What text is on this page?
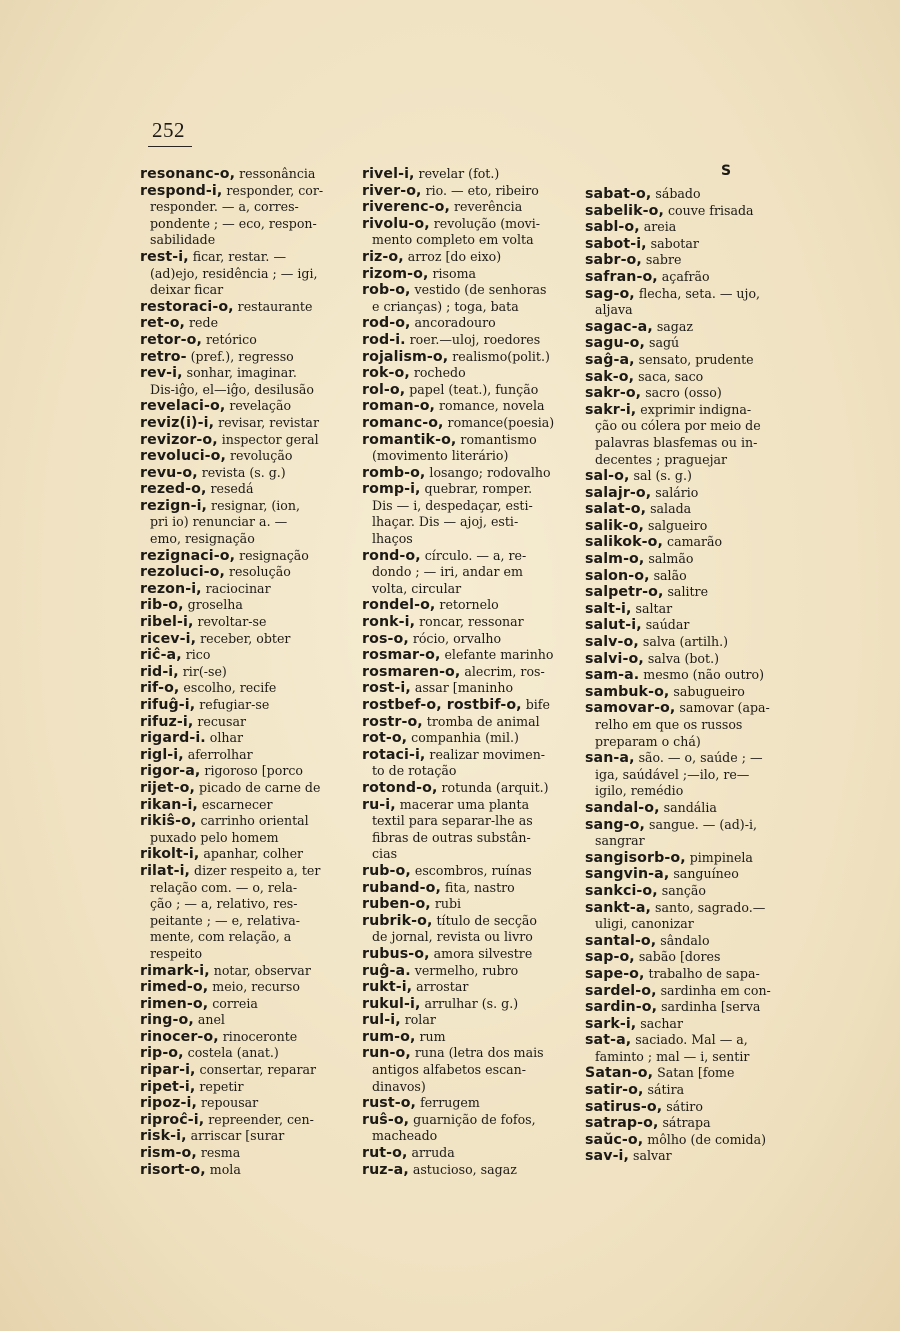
252
resonanc-o, ressonância
respond-i, responder, cor-
responder. — a, corres-
pondente ; — eco, respon-
sabilidade
rest-i, ficar, restar. —
(ad)ejo, residência ; — igi,
deixar ficar
restoraci-o, restaurante
ret-o, rede
retor-o, retórico
retro- (pref.), regresso
rev-i, sonhar, imaginar.
Dis-iĝo, el—iĝo, desilusão
revelaci-o, revelação
reviz(i)-i, revisar, revistar
revizor-o, inspector geral
revoluci-o, revolução
revu-o, revista (s. g.)
rezed-o, resedá
rezign-i, resignar, (ion,
pri io) renunciar a. —
emo, resignação
rezignaci-o, resignação
rezoluci-o, resolução
rezon-i, raciocinar
rib-o, groselha
ribel-i, revoltar-se
ricev-i, receber, obter
riĉ-a, rico
rid-i, rir(-se)
rif-o, escolho, recife
rifuĝ-i, refugiar-se
rifuz-i, recusar
rigard-i. olhar
rigl-i, aferrolhar
rigor-a, rigoroso [porco
rijet-o, picado de carne de
rikan-i, escarnecer
rikiŝ-o, carrinho oriental
puxado pelo homem
rikolt-i, apanhar, colher
rilat-i, dizer respeito a, ter
relação com. — o, rela-
ção ; — a, relativo, res-
peitante ; — e, relativa-
mente, com relação, a
respeito
rimark-i, notar, observar
rimed-o, meio, recurso
rimen-o, correia
ring-o, anel
rinocer-o, rinoceronte
rip-o, costela (anat.)
ripar-i, consertar, reparar
ripet-i, repetir
ripoz-i, repousar
riproĉ-i, repreender, cen-
risk-i, arriscar [surar
rism-o, resma
risort-o, mola
rivel-i, revelar (fot.)
river-o, rio. — eto, ribeiro
riverenc-o, reverência
rivolu-o, revolução (movi-
mento completo em volta
riz-o, arroz [do eixo)
rizom-o, risoma
rob-o, vestido (de senhoras
e crianças) ; toga, bata
rod-o, ancoradouro
rod-i. roer.—uloj, roedores
rojalism-o, realismo(polit.)
rok-o, rochedo
rol-o, papel (teat.), função
roman-o, romance, novela
romanc-o, romance(poesia)
romantik-o, romantismo
(movimento literário)
romb-o, losango; rodovalho
romp-i, quebrar, romper.
Dis — i, despedaçar, esti-
lhaçar. Dis — ajoj, esti-
lhaços
rond-o, círculo. — a, re-
dondo ; — iri, andar em
volta, circular
rondel-o, retornelo
ronk-i, roncar, ressonar
ros-o, rócio, orvalho
rosmar-o, elefante marinho
rosmaren-o, alecrim, ros-
rost-i, assar [maninho
rostbef-o, rostbif-o, bife
rostr-o, tromba de animal
rot-o, companhia (mil.)
rotaci-i, realizar movimen-
to de rotação
rotond-o, rotunda (arquit.)
ru-i, macerar uma planta
textil para separar-lhe as
fibras de outras substân-
cias
rub-o, escombros, ruínas
ruband-o, fita, nastro
ruben-o, rubi
rubrik-o, título de secção
de jornal, revista ou livro
rubus-o, amora silvestre
ruĝ-a. vermelho, rubro
rukt-i, arrostar
rukul-i, arrulhar (s. g.)
rul-i, rolar
rum-o, rum
run-o, runa (letra dos mais
antigos alfabetos escan-
dinavos)
rust-o, ferrugem
ruŝ-o, guarnição de fofos,
macheado
rut-o, arruda
ruz-a, astucioso, sagaz
S
sabat-o, sábado
sabelik-o, couve frisada
sabl-o, areia
sabot-i, sabotar
sabr-o, sabre
safran-o, açafrão
sag-o, flecha, seta. — ujo,
aljava
sagac-a, sagaz
sagu-o, sagú
saĝ-a, sensato, prudente
sak-o, saca, saco
sakr-o, sacro (osso)
sakr-i, exprimir indigna-
ção ou cólera por meio de
palavras blasfemas ou in-
decentes ; praguejar
sal-o, sal (s. g.)
salajr-o, salário
salat-o, salada
salik-o, salgueiro
salikok-o, camarão
salm-o, salmão
salon-o, salão
salpetr-o, salitre
salt-i, saltar
salut-i, saúdar
salv-o, salva (artilh.)
salvi-o, salva (bot.)
sam-a. mesmo (não outro)
sambuk-o, sabugueiro
samovar-o, samovar (apa-
relho em que os russos
preparam o chá)
san-a, são. — o, saúde ; —
iga, saúdável ;—ilo, re—
igilo, remédio
sandal-o, sandália
sang-o, sangue. — (ad)-i,
sangrar
sangisorb-o, pimpinela
sangvin-a, sanguíneo
sankci-o, sanção
sankt-a, santo, sagrado.—
uligi, canonizar
santal-o, sândalo
sap-o, sabão [dores
sape-o, trabalho de sapa-
sardel-o, sardinha em con-
sardin-o, sardinha [serva
sark-i, sachar
sat-a, saciado. Mal — a,
faminto ; mal — i, sentir
Satan-o, Satan [fome
satir-o, sátira
satirus-o, sátiro
satrap-o, sátrapa
saŭc-o, môlho (de comida)
sav-i, salvar
